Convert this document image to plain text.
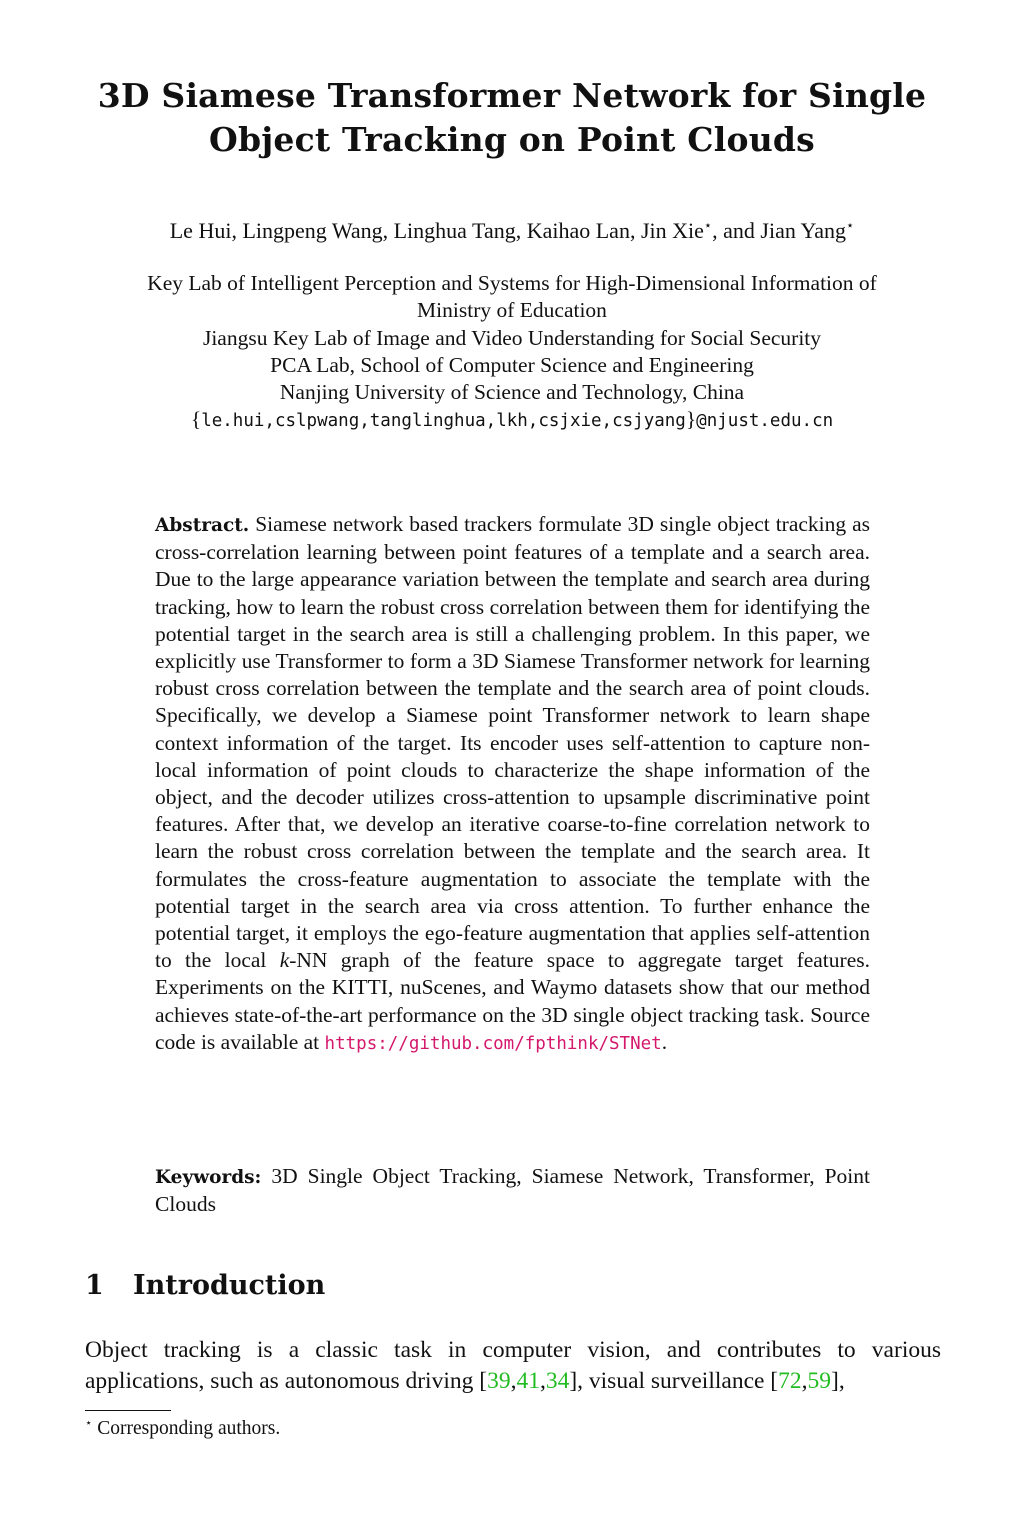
3D Siamese Transformer Network for Single
Object Tracking on Point Clouds
Le Hui, Lingpeng Wang, Linghua Tang, Kaihao Lan, Jin Xie⋆, and Jian Yang⋆
Key Lab of Intelligent Perception and Systems for High-Dimensional Information of
Ministry of Education
Jiangsu Key Lab of Image and Video Understanding for Social Security
PCA Lab, School of Computer Science and Engineering
Nanjing University of Science and Technology, China
{le.hui,cslpwang,tanglinghua,lkh,csjxie,csjyang}@njust.edu.cn
Abstract. Siamese network based trackers formulate 3D single object tracking as cross-correlation learning between point features of a template and a search area. Due to the large appearance variation between the template and search area during tracking, how to learn the robust cross correlation between them for identifying the potential target in the search area is still a challenging problem. In this paper, we explicitly use Transformer to form a 3D Siamese Transformer network for learning robust cross correlation between the template and the search area of point clouds. Specifically, we develop a Siamese point Transformer network to learn shape context information of the target. Its encoder uses self-attention to capture non-local information of point clouds to characterize the shape information of the object, and the decoder utilizes cross-attention to upsample discriminative point features. After that, we develop an iterative coarse-to-fine correlation network to learn the robust cross correlation between the template and the search area. It formulates the cross-feature augmentation to associate the template with the potential target in the search area via cross attention. To further enhance the potential target, it employs the ego-feature augmentation that applies self-attention to the local k-NN graph of the feature space to aggregate target features. Experiments on the KITTI, nuScenes, and Waymo datasets show that our method achieves state-of-the-art performance on the 3D single object tracking task. Source code is available at https://github.com/fpthink/STNet.
Keywords: 3D Single Object Tracking, Siamese Network, Transformer, Point Clouds
1 Introduction
Object tracking is a classic task in computer vision, and contributes to various applications, such as autonomous driving [39,41,34], visual surveillance [72,59],
⋆ Corresponding authors.
